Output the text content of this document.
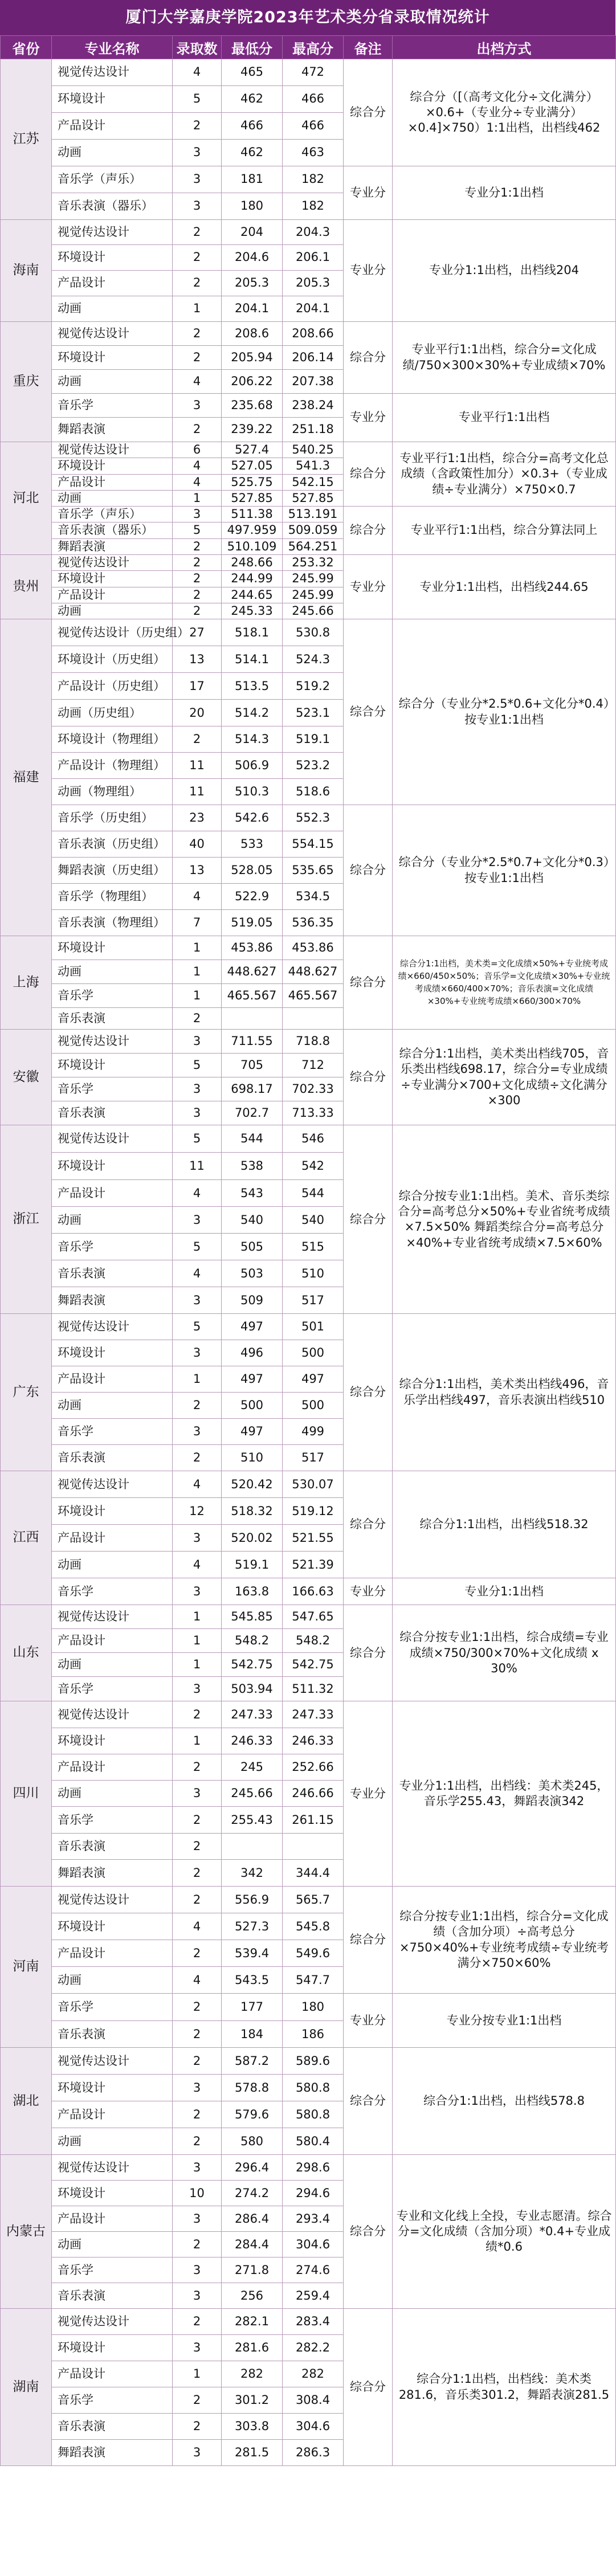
厦门大学嘉庚学院2023年艺术类分省录取情况统计
省份	专业名称	录取数	最低分	最高分	备注	出档方式
江苏	视觉传达设计	4	465	472	综合分	综合分（[（高考文化分÷文化满分）×0.6+（专业分÷专业满分）×0.4]×750）1:1出档，出档线462
	环境设计	5	462	466		
	产品设计	2	466	466		
	动画	3	462	463		
	音乐学（声乐）	3	181	182	专业分	专业分1:1出档
	音乐表演（器乐）	3	180	182		
海南	视觉传达设计	2	204	204.3	专业分	专业分1:1出档，出档线204
	环境设计	2	204.6	206.1		
	产品设计	2	205.3	205.3		
	动画	1	204.1	204.1		
重庆	视觉传达设计	2	208.6	208.66	综合分	专业平行1:1出档，综合分=文化成绩/750×300×30%+专业成绩×70%
	环境设计	2	205.94	206.14		
	动画	4	206.22	207.38		
	音乐学	3	235.68	238.24	专业分	专业平行1:1出档
	舞蹈表演	2	239.22	251.18		
河北	视觉传达设计	6	527.4	540.25	综合分	专业平行1:1出档，综合分=高考文化总成绩（含政策性加分）×0.3+（专业成绩÷专业满分）×750×0.7
	环境设计	4	527.05	541.3		
	产品设计	4	525.75	542.15		
	动画	1	527.85	527.85		
	音乐学（声乐）	3	511.38	513.191	综合分	专业平行1:1出档，综合分算法同上
	音乐表演（器乐）	5	497.959	509.059		
	舞蹈表演	2	510.109	564.251		
贵州	视觉传达设计	2	248.66	253.32	专业分	专业分1:1出档，出档线244.65
	环境设计	2	244.99	245.99		
	产品设计	2	244.65	245.99		
	动画	2	245.33	245.66		
福建	视觉传达设计（历史组）	27	518.1	530.8	综合分	综合分（专业分*2.5*0.6+文化分*0.4）按专业1:1出档
	环境设计（历史组）	13	514.1	524.3		
	产品设计（历史组）	17	513.5	519.2		
	动画（历史组）	20	514.2	523.1		
	环境设计（物理组）	2	514.3	519.1		
	产品设计（物理组）	11	506.9	523.2		
	动画（物理组）	11	510.3	518.6		
	音乐学（历史组）	23	542.6	552.3	综合分	综合分（专业分*2.5*0.7+文化分*0.3）按专业1:1出档
	音乐表演（历史组）	40	533	554.15		
	舞蹈表演（历史组）	13	528.05	535.65		
	音乐学（物理组）	4	522.9	534.5		
	音乐表演（物理组）	7	519.05	536.35		
上海	环境设计	1	453.86	453.86	综合分	综合分1:1出档，美术类=文化成绩×50%+专业统考成绩×660/450×50%；音乐学=文化成绩×30%+专业统考成绩×660/400×70%；音乐表演=文化成绩×30%+专业统考成绩×660/300×70%
	动画	1	448.627	448.627		
	音乐学	1	465.567	465.567		
	音乐表演	2				
安徽	视觉传达设计	3	711.55	718.8	综合分	综合分1:1出档，美术类出档线705，音乐类出档线698.17，综合分=专业成绩÷专业满分×700+文化成绩÷文化满分×300
	环境设计	5	705	712		
	音乐学	3	698.17	702.33		
	音乐表演	3	702.7	713.33		
浙江	视觉传达设计	5	544	546	综合分	综合分按专业1:1出档。美术、音乐类综合分=高考总分×50%+专业省统考成绩×7.5×50% 舞蹈类综合分=高考总分×40%+专业省统考成绩×7.5×60%
	环境设计	11	538	542		
	产品设计	4	543	544		
	动画	3	540	540		
	音乐学	5	505	515		
	音乐表演	4	503	510		
	舞蹈表演	3	509	517		
广东	视觉传达设计	5	497	501	综合分	综合分1:1出档，美术类出档线496，音乐学出档线497，音乐表演出档线510
	环境设计	3	496	500		
	产品设计	1	497	497		
	动画	2	500	500		
	音乐学	3	497	499		
	音乐表演	2	510	517		
江西	视觉传达设计	4	520.42	530.07	综合分	综合分1:1出档，出档线518.32
	环境设计	12	518.32	519.12		
	产品设计	3	520.02	521.55		
	动画	4	519.1	521.39		
	音乐学	3	163.8	166.63	专业分	专业分1:1出档
山东	视觉传达设计	1	545.85	547.65	综合分	综合分按专业1:1出档，综合成绩=专业成绩×750/300×70%+文化成绩 x 30%
	产品设计	1	548.2	548.2		
	动画	1	542.75	542.75		
	音乐学	3	503.94	511.32		
四川	视觉传达设计	2	247.33	247.33	专业分	专业分1:1出档，出档线：美术类245，音乐学255.43，舞蹈表演342
	环境设计	1	246.33	246.33		
	产品设计	2	245	252.66		
	动画	3	245.66	246.66		
	音乐学	2	255.43	261.15		
	音乐表演	2				
	舞蹈表演	2	342	344.4		
河南	视觉传达设计	2	556.9	565.7	综合分	综合分按专业1:1出档，综合分=文化成绩（含加分项）÷高考总分×750×40%+专业统考成绩÷专业统考满分×750×60%
	环境设计	4	527.3	545.8		
	产品设计	2	539.4	549.6		
	动画	4	543.5	547.7		
	音乐学	2	177	180	专业分	专业分按专业1:1出档
	音乐表演	2	184	186		
湖北	视觉传达设计	2	587.2	589.6	综合分	综合分1:1出档，出档线578.8
	环境设计	3	578.8	580.8		
	产品设计	2	579.6	580.8		
	动画	2	580	580.4		
内蒙古	视觉传达设计	3	296.4	298.6	综合分	专业和文化线上全投，专业志愿清。综合分=文化成绩（含加分项）*0.4+专业成绩*0.6
	环境设计	10	274.2	294.6		
	产品设计	3	286.4	293.4		
	动画	2	284.4	304.6		
	音乐学	3	271.8	274.6		
	音乐表演	3	256	259.4		
湖南	视觉传达设计	2	282.1	283.4	综合分	综合分1:1出档，出档线：美术类281.6，音乐类301.2，舞蹈表演281.5
	环境设计	3	281.6	282.2		
	产品设计	1	282	282		
	音乐学	2	301.2	308.4		
	音乐表演	2	303.8	304.6		
	舞蹈表演	3	281.5	286.3		
